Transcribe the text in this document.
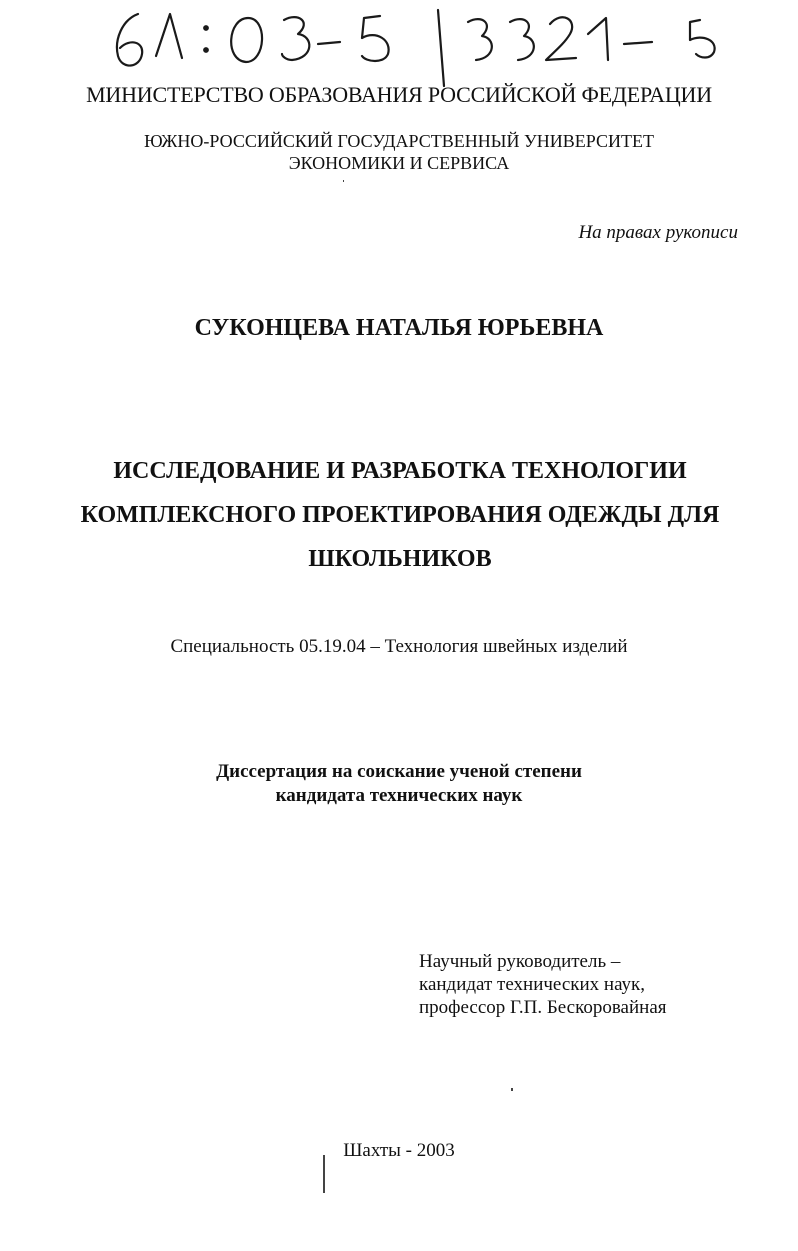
МИНИСТЕРСТВО ОБРАЗОВАНИЯ РОССИЙСКОЙ ФЕДЕРАЦИИ
ЮЖНО-РОССИЙСКИЙ ГОСУДАРСТВЕННЫЙ УНИВЕРСИТЕТ
ЭКОНОМИКИ И СЕРВИСА
На правах рукописи
СУКОНЦЕВА НАТАЛЬЯ ЮРЬЕВНА
ИССЛЕДОВАНИЕ И РАЗРАБОТКА ТЕХНОЛОГИИ
КОМПЛЕКСНОГО ПРОЕКТИРОВАНИЯ ОДЕЖДЫ ДЛЯ
ШКОЛЬНИКОВ
Специальность 05.19.04 – Технология швейных изделий
Диссертация на соискание ученой степени
кандидата технических наук
Научный руководитель –
кандидат технических наук,
профессор Г.П. Бескоровайная
Шахты - 2003
